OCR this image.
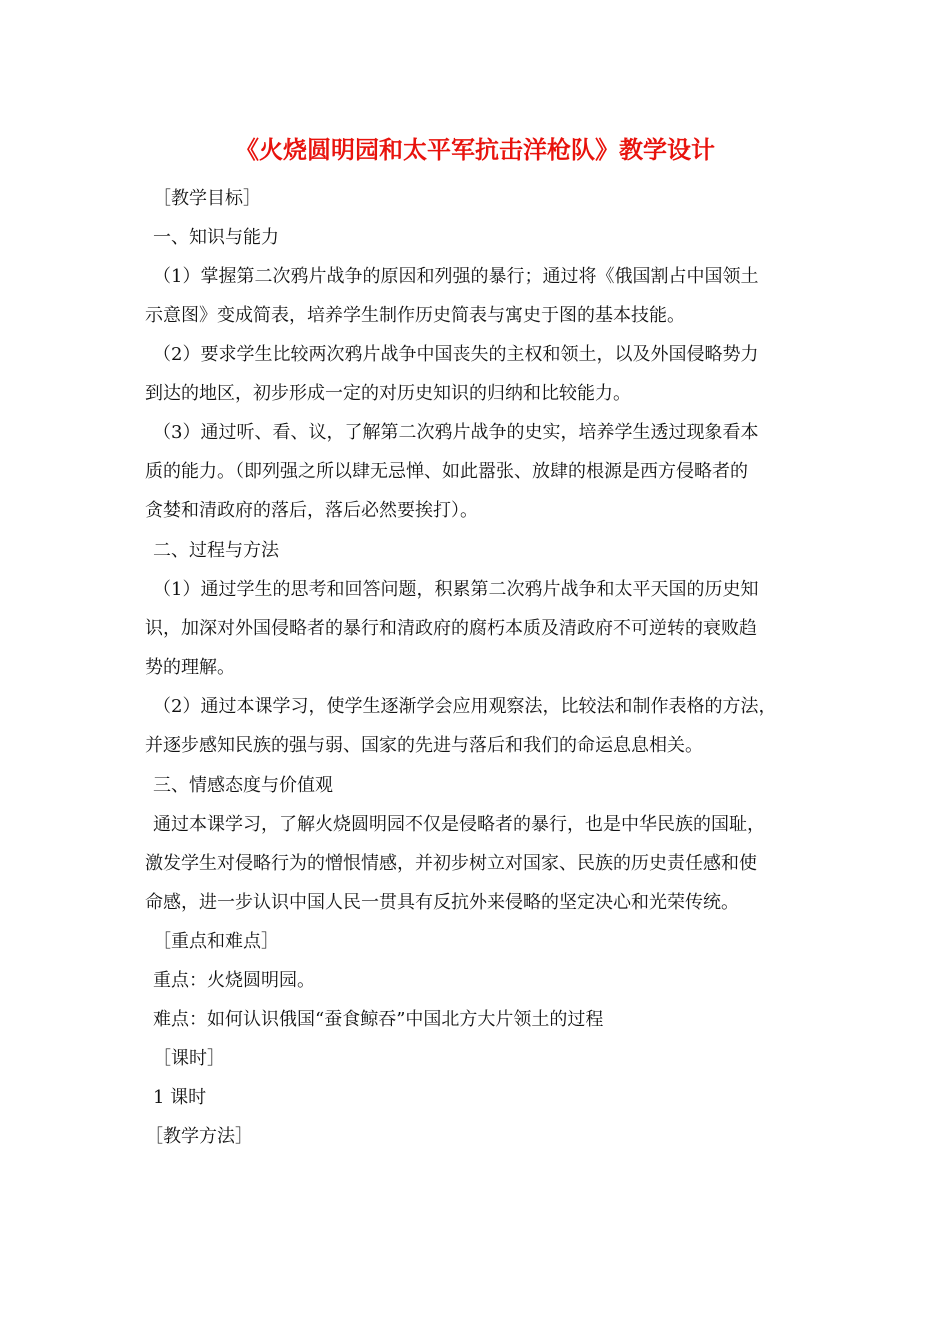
《火烧圆明园和太平军抗击洋枪队》教学设计
［教学目标］
一、知识与能力
（1）掌握第二次鸦片战争的原因和列强的暴行；通过将《俄国割占中国领土
示意图》变成简表，培养学生制作历史简表与寓史于图的基本技能。
（2）要求学生比较两次鸦片战争中国丧失的主权和领土，以及外国侵略势力
到达的地区，初步形成一定的对历史知识的归纳和比较能力。
（3）通过听、看、议，了解第二次鸦片战争的史实，培养学生透过现象看本
质的能力。（即列强之所以肆无忌惮、如此嚣张、放肆的根源是西方侵略者的
贪婪和清政府的落后，落后必然要挨打）。
二、过程与方法
（1）通过学生的思考和回答问题，积累第二次鸦片战争和太平天国的历史知
识，加深对外国侵略者的暴行和清政府的腐朽本质及清政府不可逆转的衰败趋
势的理解。
（2）通过本课学习，使学生逐渐学会应用观察法，比较法和制作表格的方法，
并逐步感知民族的强与弱、国家的先进与落后和我们的命运息息相关。
三、情感态度与价值观
通过本课学习，了解火烧圆明园不仅是侵略者的暴行，也是中华民族的国耻，
激发学生对侵略行为的憎恨情感，并初步树立对国家、民族的历史责任感和使
命感，进一步认识中国人民一贯具有反抗外来侵略的坚定决心和光荣传统。
［重点和难点］
重点：火烧圆明园。
难点：如何认识俄国“蚕食鲸吞”中国北方大片领土的过程
［课时］
1 课时
［教学方法］
